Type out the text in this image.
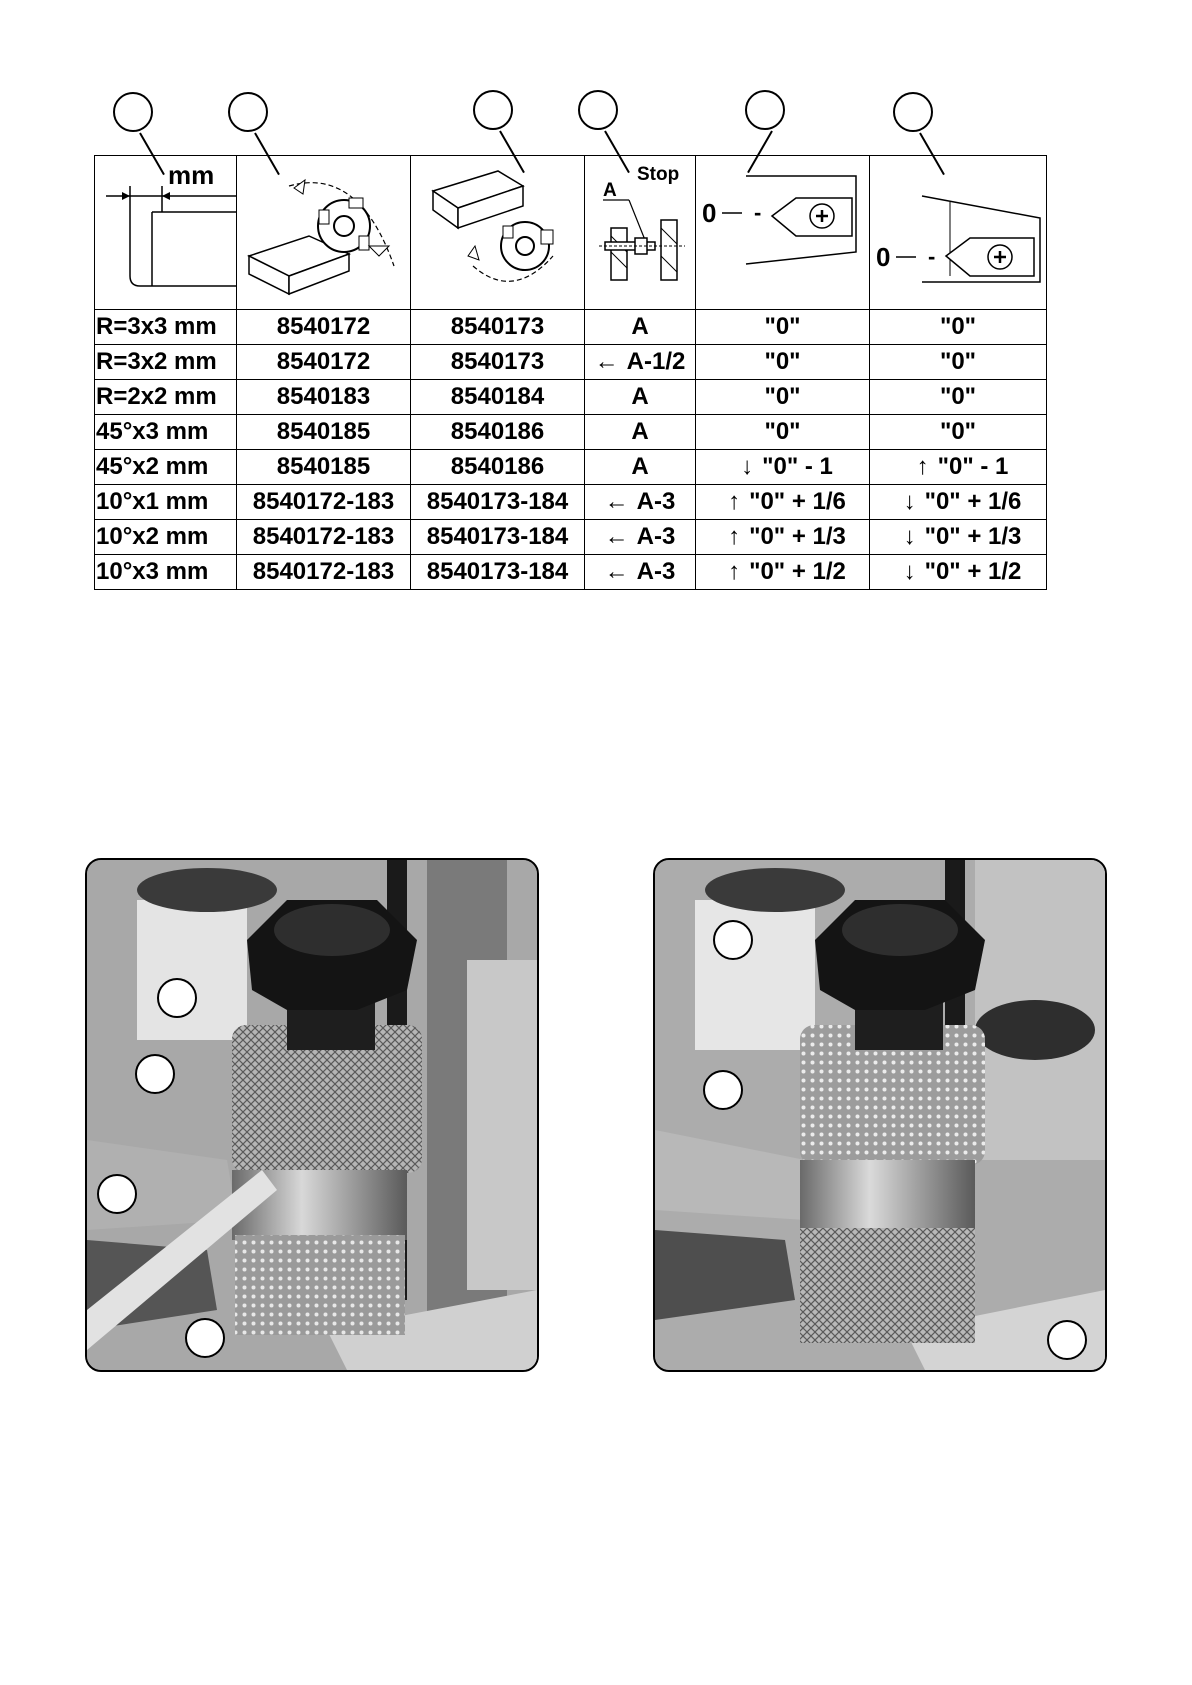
mm			Stop
A	0 -	0 -

R=3x3 mm	8540172	8540173	A	"0"	"0"
R=3x2 mm	8540172	8540173	← A-1/2	"0"	"0"
R=2x2 mm	8540183	8540184	A	"0"	"0"
45°x3 mm	8540185	8540186	A	"0"	"0"
45°x2 mm	8540185	8540186	A	↓ "0" - 1	↑ "0" - 1
10°x1 mm	8540172-183	8540173-184	← A-3	↑ "0" + 1/6	↓ "0" + 1/6
10°x2 mm	8540172-183	8540173-184	← A-3	↑ "0" + 1/3	↓ "0" + 1/3
10°x3 mm	8540172-183	8540173-184	← A-3	↑ "0" + 1/2	↓ "0" + 1/2
